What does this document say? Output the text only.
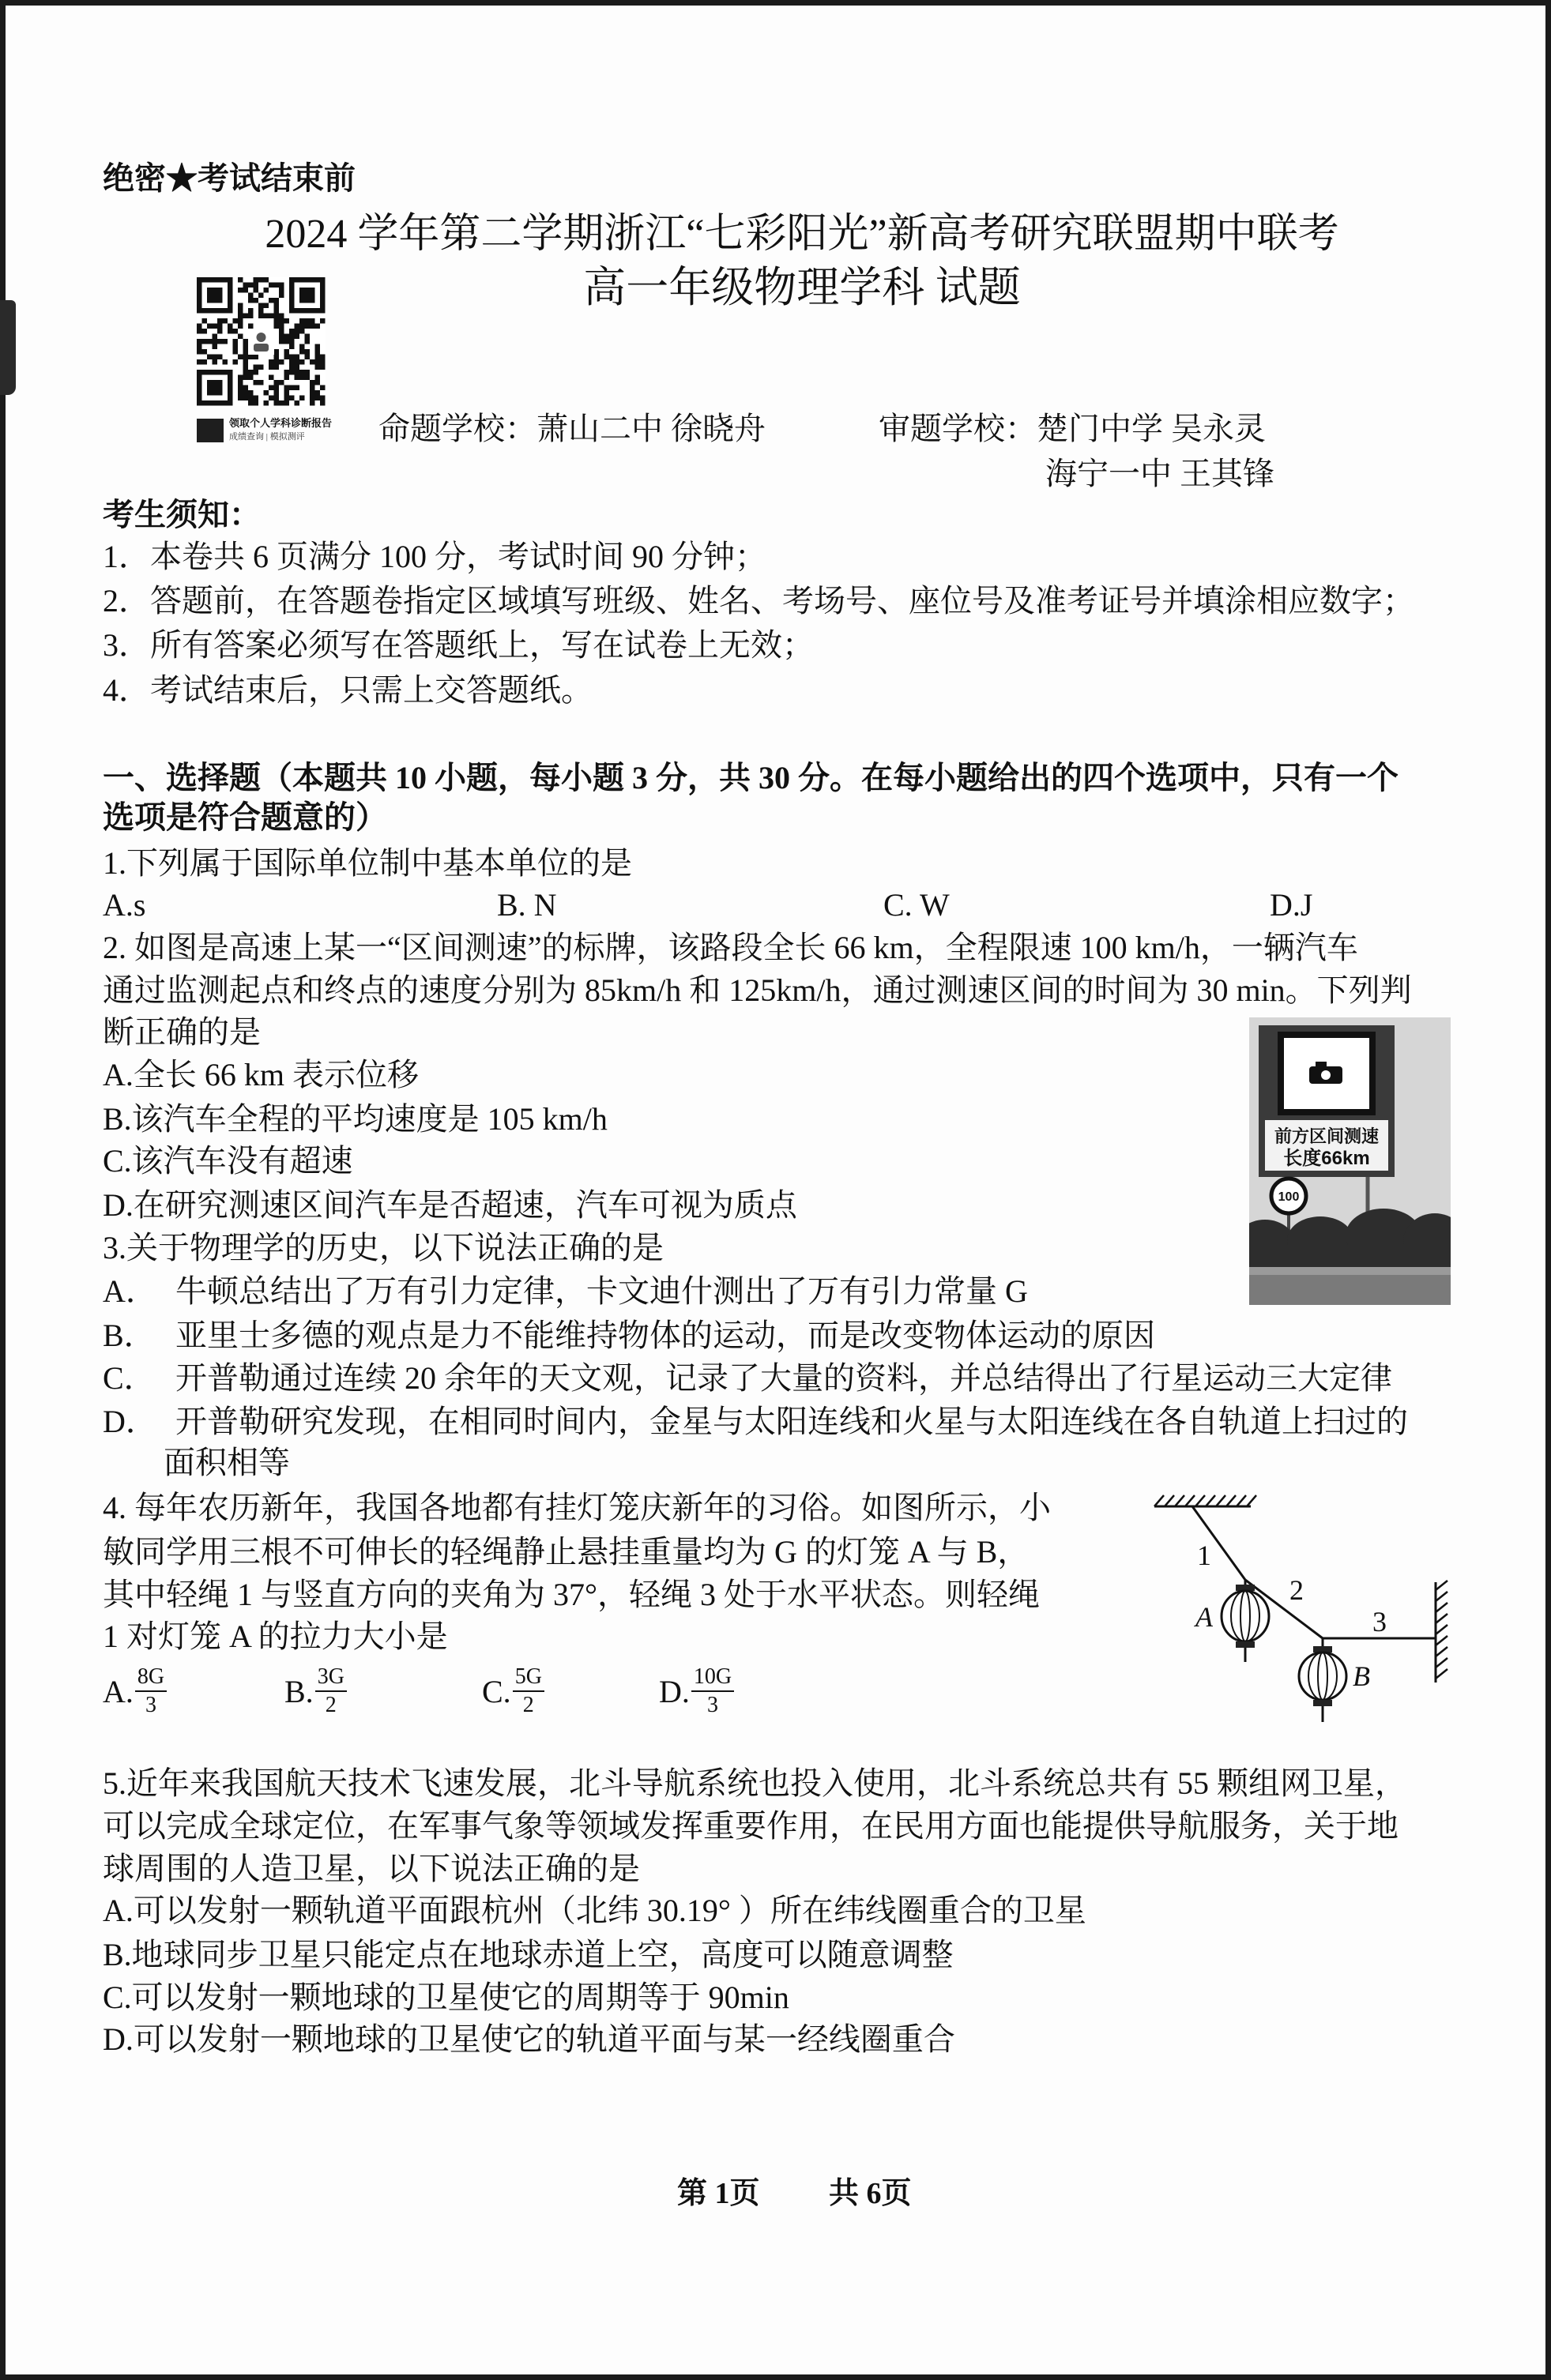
绝密★考试结束前
2024 学年第二学期浙江“七彩阳光”新高考研究联盟期中联考
高一年级物理学科 试题
领取个人学科诊断报告
成绩查询 | 模拟测评 命题学校：萧山二中 徐晓舟	审题学校：楚门中学 吴永灵
海宁一中 王其锋
考生须知：
1．本卷共 6 页满分 100 分，考试时间 90 分钟；
2．答题前，在答题卷指定区域填写班级、姓名、考场号、座位号及准考证号并填涂相应数字；
3．所有答案必须写在答题纸上，写在试卷上无效；
4．考试结束后，只需上交答题纸。
一、选择题（本题共 10 小题，每小题 3 分，共 30 分。在每小题给出的四个选项中，只有一个
选项是符合题意的）
1.下列属于国际单位制中基本单位的是
A.s	B. N	C. W	D.J
2. 如图是高速上某一“区间测速”的标牌，该路段全长 66 km，全程限速 100 km/h，一辆汽车
通过监测起点和终点的速度分别为 85km/h 和 125km/h，通过测速区间的时间为 30 min。下列判
断正确的是
A.全长 66 km 表示位移
B.该汽车全程的平均速度是 105 km/h
C.该汽车没有超速
D.在研究测速区间汽车是否超速，汽车可视为质点
前方区间测速
长度66km
100
3.关于物理学的历史，以下说法正确的是
A． 牛顿总结出了万有引力定律，卡文迪什测出了万有引力常量 G
B． 亚里士多德的观点是力不能维持物体的运动，而是改变物体运动的原因
C． 开普勒通过连续 20 余年的天文观，记录了大量的资料，并总结得出了行星运动三大定律
D． 开普勒研究发现，在相同时间内，金星与太阳连线和火星与太阳连线在各自轨道上扫过的
面积相等
4. 每年农历新年，我国各地都有挂灯笼庆新年的习俗。如图所示，小
敏同学用三根不可伸长的轻绳静止悬挂重量均为 G 的灯笼 A 与 B，
其中轻绳 1 与竖直方向的夹角为 37°，轻绳 3 处于水平状态。则轻绳
1 对灯笼 A 的拉力大小是
A. $\frac{8G}{3}$	B. $\frac{3G}{2}$	C. $\frac{5G}{2}$	D. $\frac{10G}{3}$
1
2
3
A
B
5.近年来我国航天技术飞速发展，北斗导航系统也投入使用，北斗系统总共有 55 颗组网卫星，
可以完成全球定位，在军事气象等领域发挥重要作用，在民用方面也能提供导航服务，关于地
球周围的人造卫星，以下说法正确的是
A.可以发射一颗轨道平面跟杭州（北纬 30.19° ）所在纬线圈重合的卫星
B.地球同步卫星只能定点在地球赤道上空，高度可以随意调整
C.可以发射一颗地球的卫星使它的周期等于 90min
D.可以发射一颗地球的卫星使它的轨道平面与某一经线圈重合
第 1页 共 6页
